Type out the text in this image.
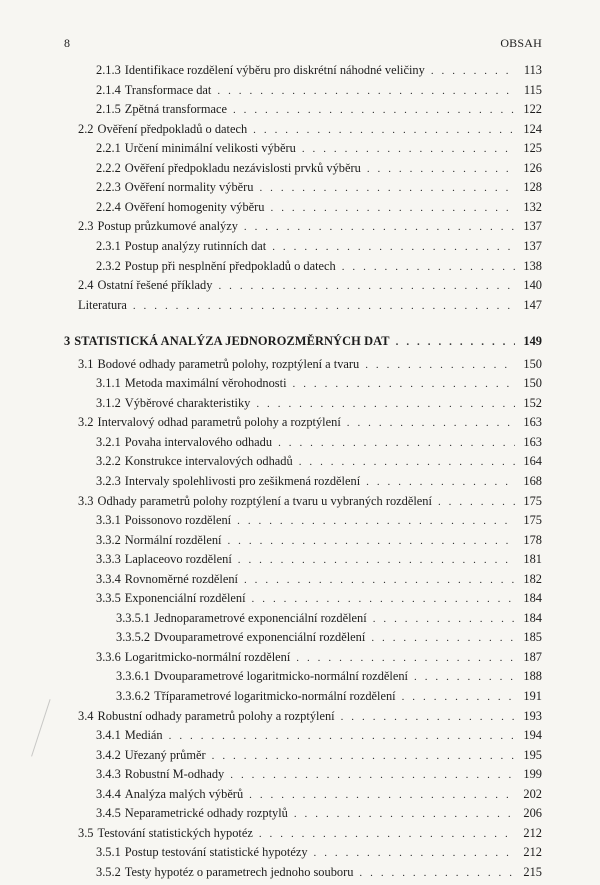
8	OBSAH
2.1.3 Identifikace rozdělení výběru pro diskrétní náhodné veličiny . . .	113
2.1.4 Transformace dat . . .	115
2.1.5 Zpětná transformace . . .	122
2.2 Ověření předpokladů o datech . . .	124
2.2.1 Určení minimální velikosti výběru . . .	125
2.2.2 Ověření předpokladu nezávislosti prvků výběru . . .	126
2.2.3 Ověření normality výběru . . .	128
2.2.4 Ověření homogenity výběru . . .	132
2.3 Postup průzkumové analýzy . . .	137
2.3.1 Postup analýzy rutinních dat . . .	137
2.3.2 Postup při nesplnění předpokladů o datech . . .	138
2.4 Ostatní řešené příklady . . .	140
Literatura . . .	147
3 STATISTICKÁ ANALÝZA JEDNOROZMĚRNÝCH DAT . . .	149
3.1 Bodové odhady parametrů polohy, rozptýlení a tvaru . . .	150
3.1.1 Metoda maximální věrohodnosti . . .	150
3.1.2 Výběrové charakteristiky . . .	152
3.2 Intervalový odhad parametrů polohy a rozptýlení . . .	163
3.2.1 Povaha intervalového odhadu . . .	163
3.2.2 Konstrukce intervalových odhadů . . .	164
3.2.3 Intervaly spolehlivosti pro zešikmená rozdělení . . .	168
3.3 Odhady parametrů polohy rozptýlení a tvaru u vybraných rozdělení . . .	175
3.3.1 Poissonovo rozdělení . . .	175
3.3.2 Normální rozdělení . . .	178
3.3.3 Laplaceovo rozdělení . . .	181
3.3.4 Rovnoměrné rozdělení . . .	182
3.3.5 Exponenciální rozdělení . . .	184
3.3.5.1 Jednoparametrové exponenciální rozdělení . . .	184
3.3.5.2 Dvouparametrové exponenciální rozdělení . . .	185
3.3.6 Logaritmicko-normální rozdělení . . .	187
3.3.6.1 Dvouparametrové logaritmicko-normální rozdělení . . .	188
3.3.6.2 Tříparametrové logaritmicko-normální rozdělení . . .	191
3.4 Robustní odhady parametrů polohy a rozptýlení . . .	193
3.4.1 Medián . . .	194
3.4.2 Uřezaný průměr . . .	195
3.4.3 Robustní M-odhady . . .	199
3.4.4 Analýza malých výběrů . . .	202
3.4.5 Neparametrické odhady rozptylů . . .	206
3.5 Testování statistických hypotéz . . .	212
3.5.1 Postup testování statistické hypotézy . . .	212
3.5.2 Testy hypotéz o parametrech jednoho souboru . . .	215
